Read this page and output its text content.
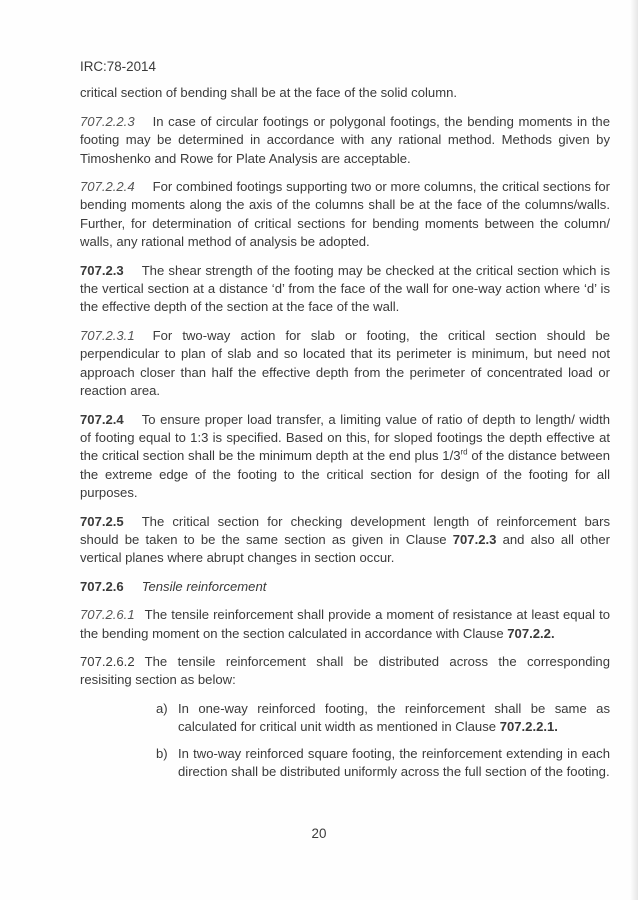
IRC:78-2014

critical section of bending shall be at the face of the solid column.

707.2.2.3 In case of circular footings or polygonal footings, the bending moments in the footing may be determined in accordance with any rational method. Methods given by Timoshenko and Rowe for Plate Analysis are acceptable.

707.2.2.4 For combined footings supporting two or more columns, the critical sections for bending moments along the axis of the columns shall be at the face of the columns/walls. Further, for determination of critical sections for bending moments between the column/ walls, any rational method of analysis be adopted.

707.2.3 The shear strength of the footing may be checked at the critical section which is the vertical section at a distance ‘d’ from the face of the wall for one-way action where ‘d’ is the effective depth of the section at the face of the wall.

707.2.3.1 For two-way action for slab or footing, the critical section should be perpendicular to plan of slab and so located that its perimeter is minimum, but need not approach closer than half the effective depth from the perimeter of concentrated load or reaction area.

707.2.4 To ensure proper load transfer, a limiting value of ratio of depth to length/ width of footing equal to 1:3 is specified. Based on this, for sloped footings the depth effective at the critical section shall be the minimum depth at the end plus 1/3rd of the distance between the extreme edge of the footing to the critical section for design of the footing for all purposes.

707.2.5 The critical section for checking development length of reinforcement bars should be taken to be the same section as given in Clause 707.2.3 and also all other vertical planes where abrupt changes in section occur.

707.2.6 Tensile reinforcement

707.2.6.1 The tensile reinforcement shall provide a moment of resistance at least equal to the bending moment on the section calculated in accordance with Clause 707.2.2.

707.2.6.2 The tensile reinforcement shall be distributed across the corresponding resisiting section as below:

a) In one-way reinforced footing, the reinforcement shall be same as calculated for critical unit width as mentioned in Clause 707.2.2.1.
b) In two-way reinforced square footing, the reinforcement extending in each direction shall be distributed uniformly across the full section of the footing.
20
